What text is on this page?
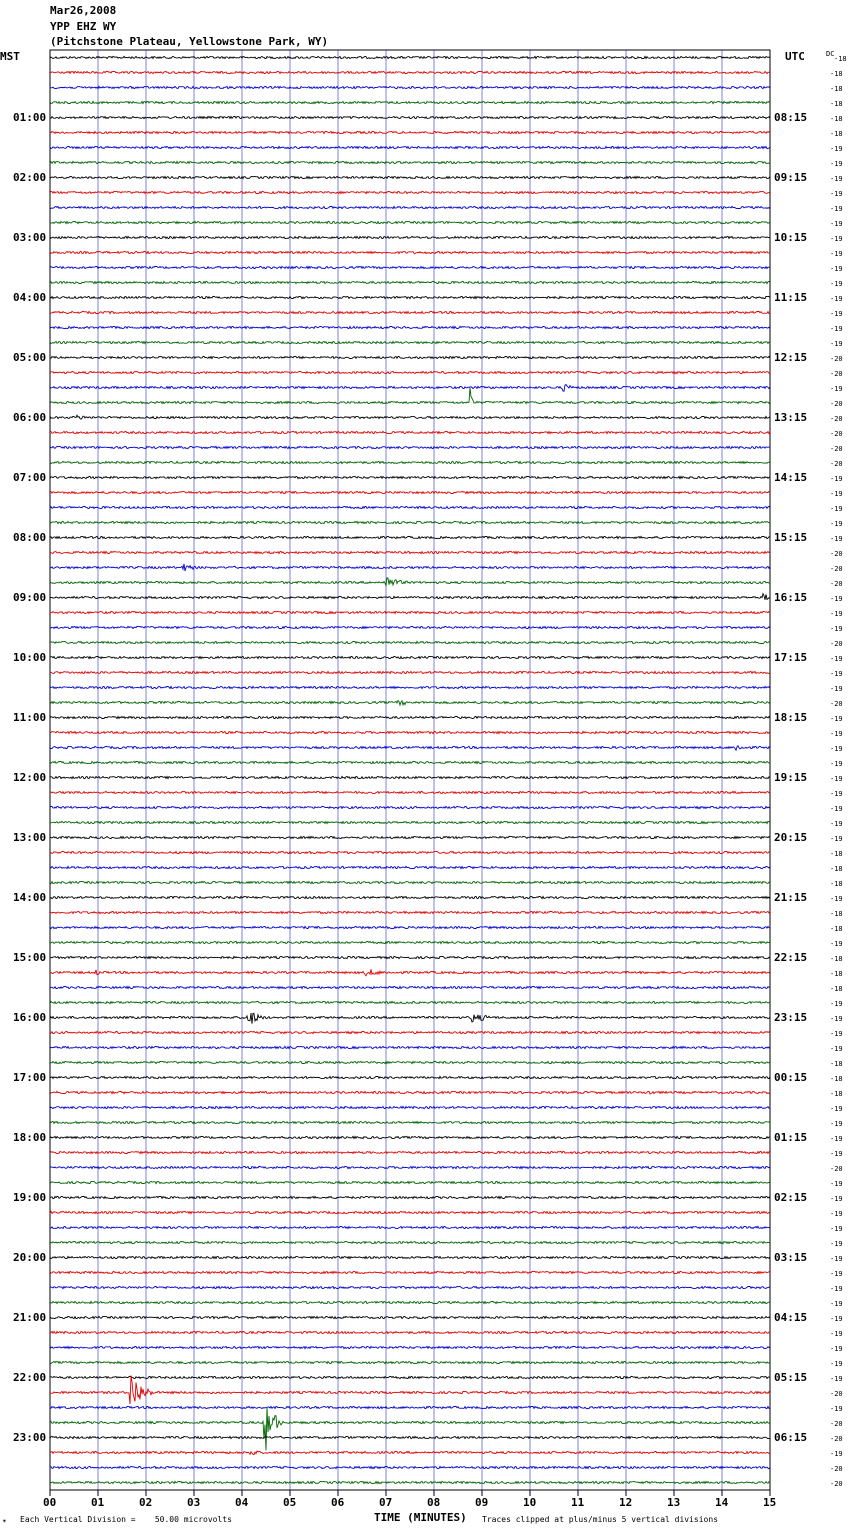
Mar26,2008
YPP EHZ WY
(Pitchstone Plateau, Yellowstone Park, WY)
MST	UTC	DC
01:00
02:00
03:00
04:00
05:00
06:00
07:00
08:00
09:00
10:00
11:00
12:00
13:00
14:00
15:00
16:00
17:00
18:00
19:00
20:00
21:00
22:00
23:00
08:15
09:15
10:15
11:15
12:15
13:15
14:15
15:15
16:15
17:15
18:15
19:15
20:15
21:15
22:15
23:15
00:15
01:15
02:15
03:15
04:15
05:15
06:15
-18
-18
-18
-18
-18
-18
-19
-19
-19
-19
-19
-19
-19
-19
-19
-19
-19
-19
-19
-19
-20
-20
-19
-20
-20
-20
-20
-20
-19
-19
-19
-19
-19
-20
-20
-20
-19
-19
-19
-20
-19
-19
-19
-20
-19
-19
-19
-19
-19
-19
-19
-19
-19
-18
-18
-18
-19
-18
-18
-19
-18
-18
-18
-19
-19
-19
-19
-18
-18
-18
-19
-19
-19
-19
-20
-19
-19
-19
-19
-19
-19
-19
-19
-19
-19
-19
-19
-19
-19
-20
-19
-20
-20
-19
-20
-20
00	01	02	03	04	05	06	07	08	09	10	11	12	13	14	15
✴ Each Vertical Division =    50.00 microvolts	TIME (MINUTES) Traces clipped at plus/minus 5 vertical divisions
